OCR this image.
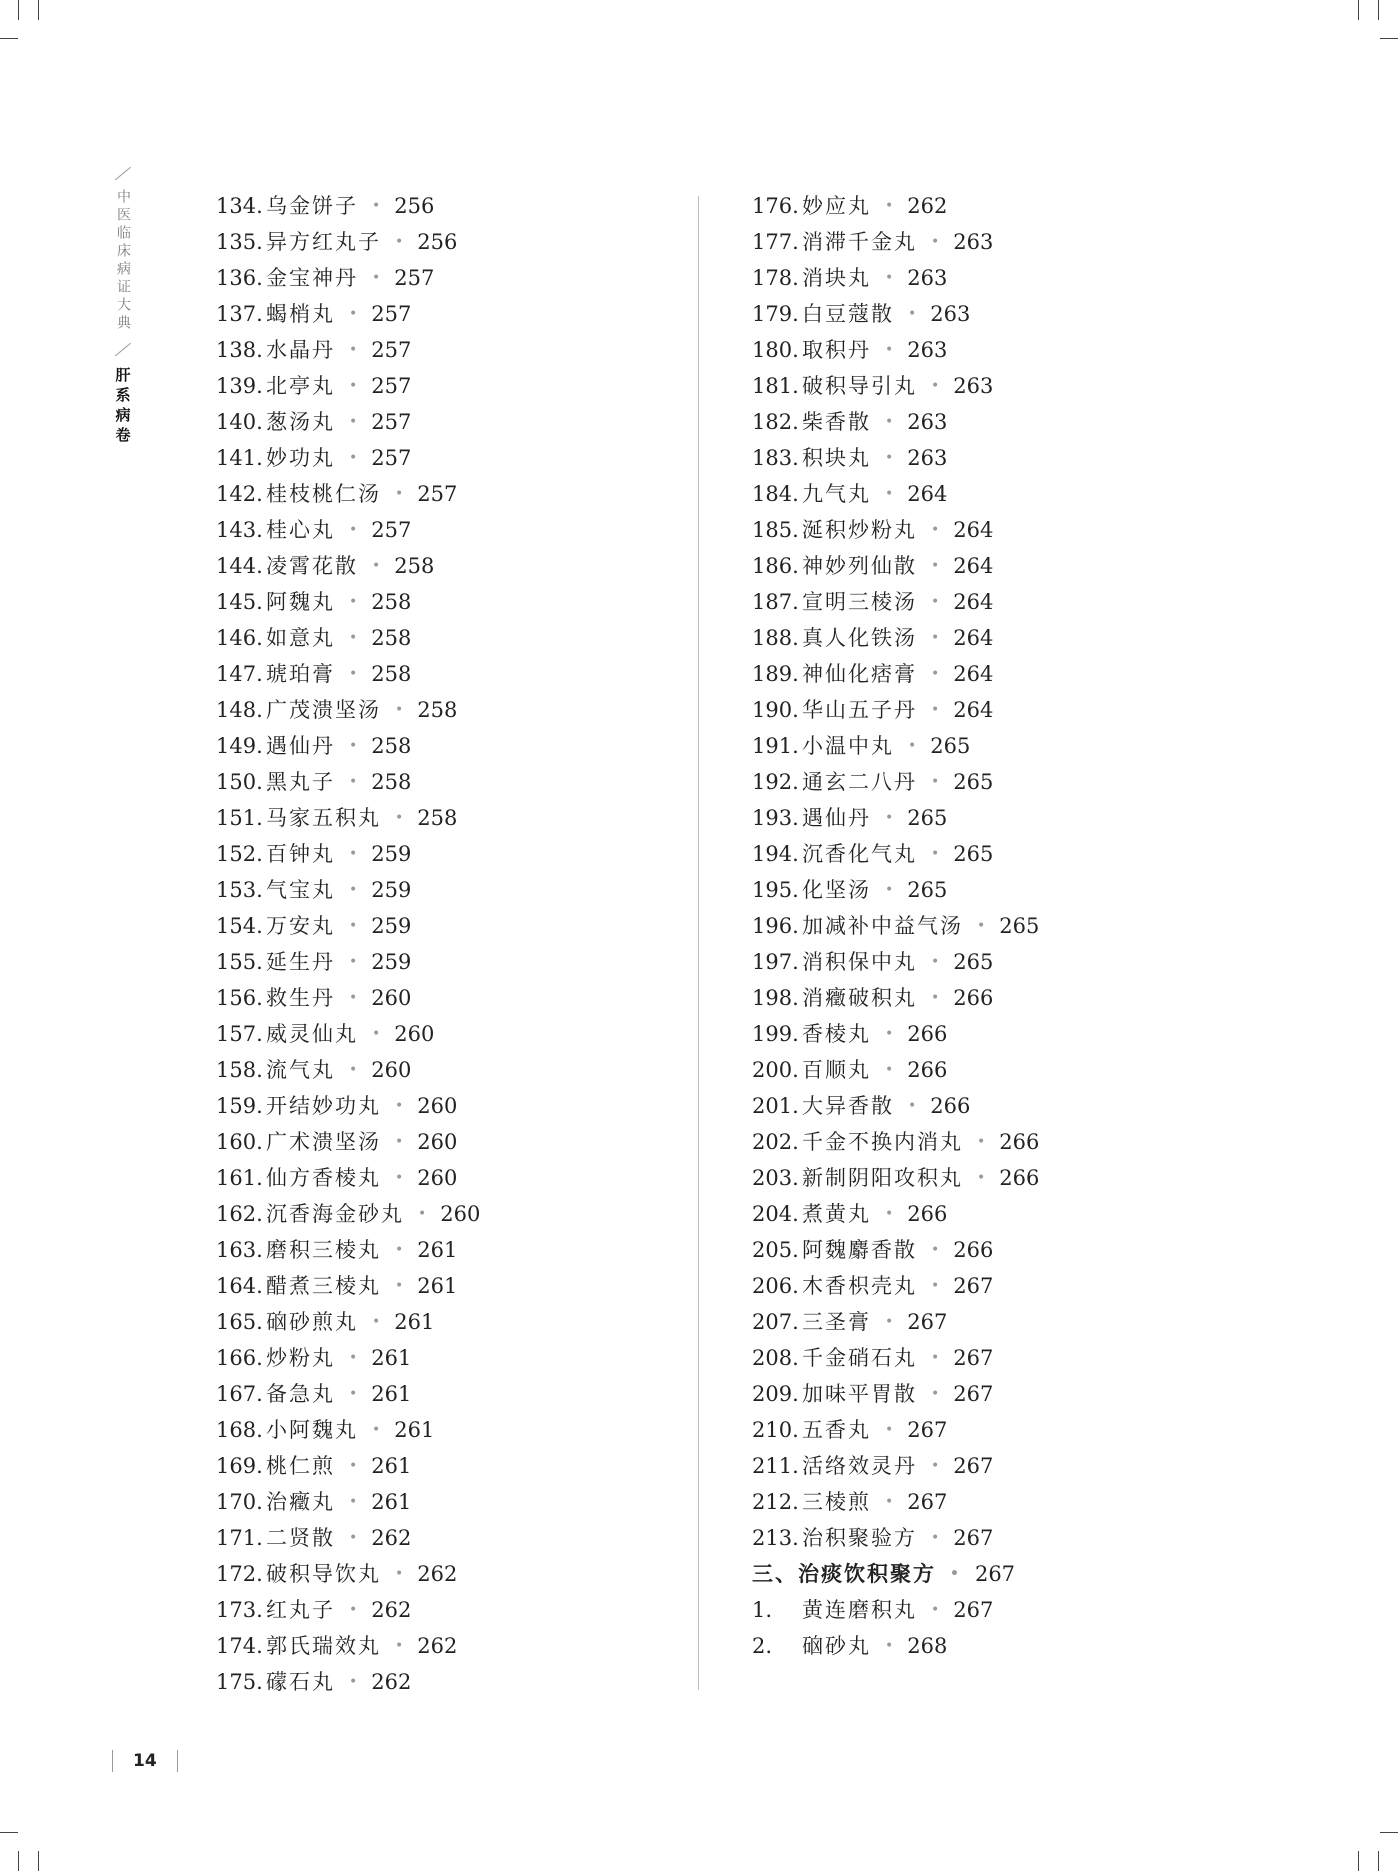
中医临床病证大典
肝系病卷
134. 乌金饼子 • 256
135. 异方红丸子 • 256
136. 金宝神丹 • 257
137. 蝎梢丸 • 257
138. 水晶丹 • 257
139. 北亭丸 • 257
140. 葱汤丸 • 257
141. 妙功丸 • 257
142. 桂枝桃仁汤 • 257
143. 桂心丸 • 257
144. 凌霄花散 • 258
145. 阿魏丸 • 258
146. 如意丸 • 258
147. 琥珀膏 • 258
148. 广茂溃坚汤 • 258
149. 遇仙丹 • 258
150. 黑丸子 • 258
151. 马家五积丸 • 258
152. 百钟丸 • 259
153. 气宝丸 • 259
154. 万安丸 • 259
155. 延生丹 • 259
156. 救生丹 • 260
157. 威灵仙丸 • 260
158. 流气丸 • 260
159. 开结妙功丸 • 260
160. 广术溃坚汤 • 260
161. 仙方香棱丸 • 260
162. 沉香海金砂丸 • 260
163. 磨积三棱丸 • 261
164. 醋煮三棱丸 • 261
165. 硇砂煎丸 • 261
166. 炒粉丸 • 261
167. 备急丸 • 261
168. 小阿魏丸 • 261
169. 桃仁煎 • 261
170. 治癥丸 • 261
171. 二贤散 • 262
172. 破积导饮丸 • 262
173. 红丸子 • 262
174. 郭氏瑞效丸 • 262
175. 礞石丸 • 262
176. 妙应丸 • 262
177. 消滞千金丸 • 263
178. 消块丸 • 263
179. 白豆蔻散 • 263
180. 取积丹 • 263
181. 破积导引丸 • 263
182. 柴香散 • 263
183. 积块丸 • 263
184. 九气丸 • 264
185. 涎积炒粉丸 • 264
186. 神妙列仙散 • 264
187. 宣明三棱汤 • 264
188. 真人化铁汤 • 264
189. 神仙化痞膏 • 264
190. 华山五子丹 • 264
191. 小温中丸 • 265
192. 通玄二八丹 • 265
193. 遇仙丹 • 265
194. 沉香化气丸 • 265
195. 化坚汤 • 265
196. 加减补中益气汤 • 265
197. 消积保中丸 • 265
198. 消癥破积丸 • 266
199. 香棱丸 • 266
200. 百顺丸 • 266
201. 大异香散 • 266
202. 千金不换内消丸 • 266
203. 新制阴阳攻积丸 • 266
204. 煮黄丸 • 266
205. 阿魏麝香散 • 266
206. 木香枳壳丸 • 267
207. 三圣膏 • 267
208. 千金硝石丸 • 267
209. 加味平胃散 • 267
210. 五香丸 • 267
211. 活络效灵丹 • 267
212. 三棱煎 • 267
213. 治积聚验方 • 267
三、治痰饮积聚方 • 267
1.	黄连磨积丸 • 267
2.	硇砂丸 • 268
14
